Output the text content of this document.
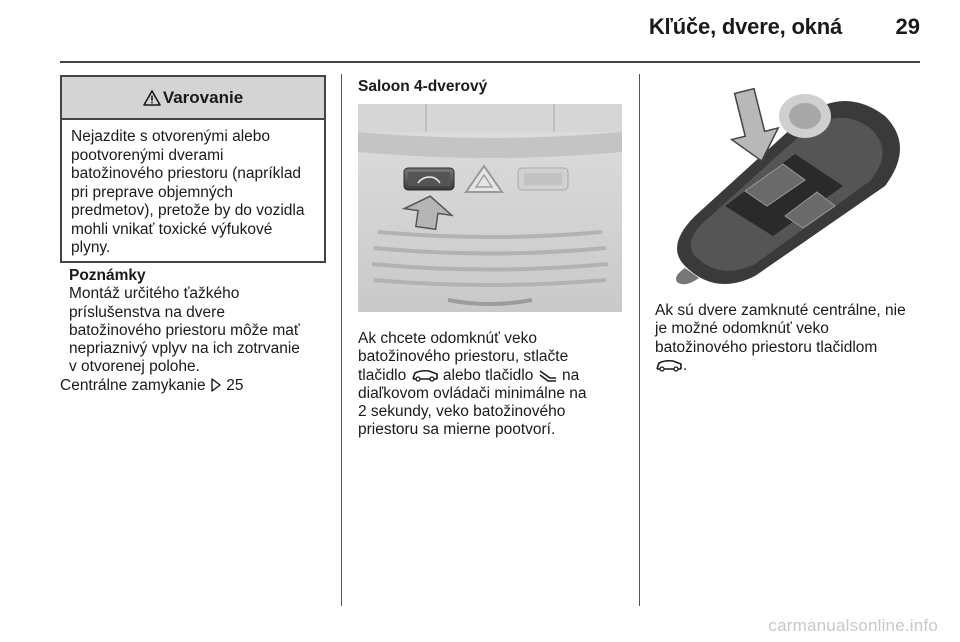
Kľúče, dvere, okná 29
Varovanie
Nejazdite s otvorenými alebo
pootvorenými dverami
batožinového priestoru (napríklad
pri preprave objemných
predmetov), pretože by do vozidla
mohli vnikať toxické výfukové
plyny.
Poznámky
Montáž určitého ťažkého
príslušenstva na dvere
batožinového priestoru môže mať
nepriaznivý vplyv na ich zotrvanie
v otvorenej polohe.
Centrálne zamykanie 25
Saloon 4-dverový
Ak chcete odomknúť veko
batožinového priestoru, stlačte
tlačidlo alebo tlačidlo na
diaľkovom ovládači minimálne na
2 sekundy, veko batožinového
priestoru sa mierne pootvorí.
Ak sú dvere zamknuté centrálne, nie
je možné odomknúť veko
batožinového priestoru tlačidlom
.
carmanualsonline.info
